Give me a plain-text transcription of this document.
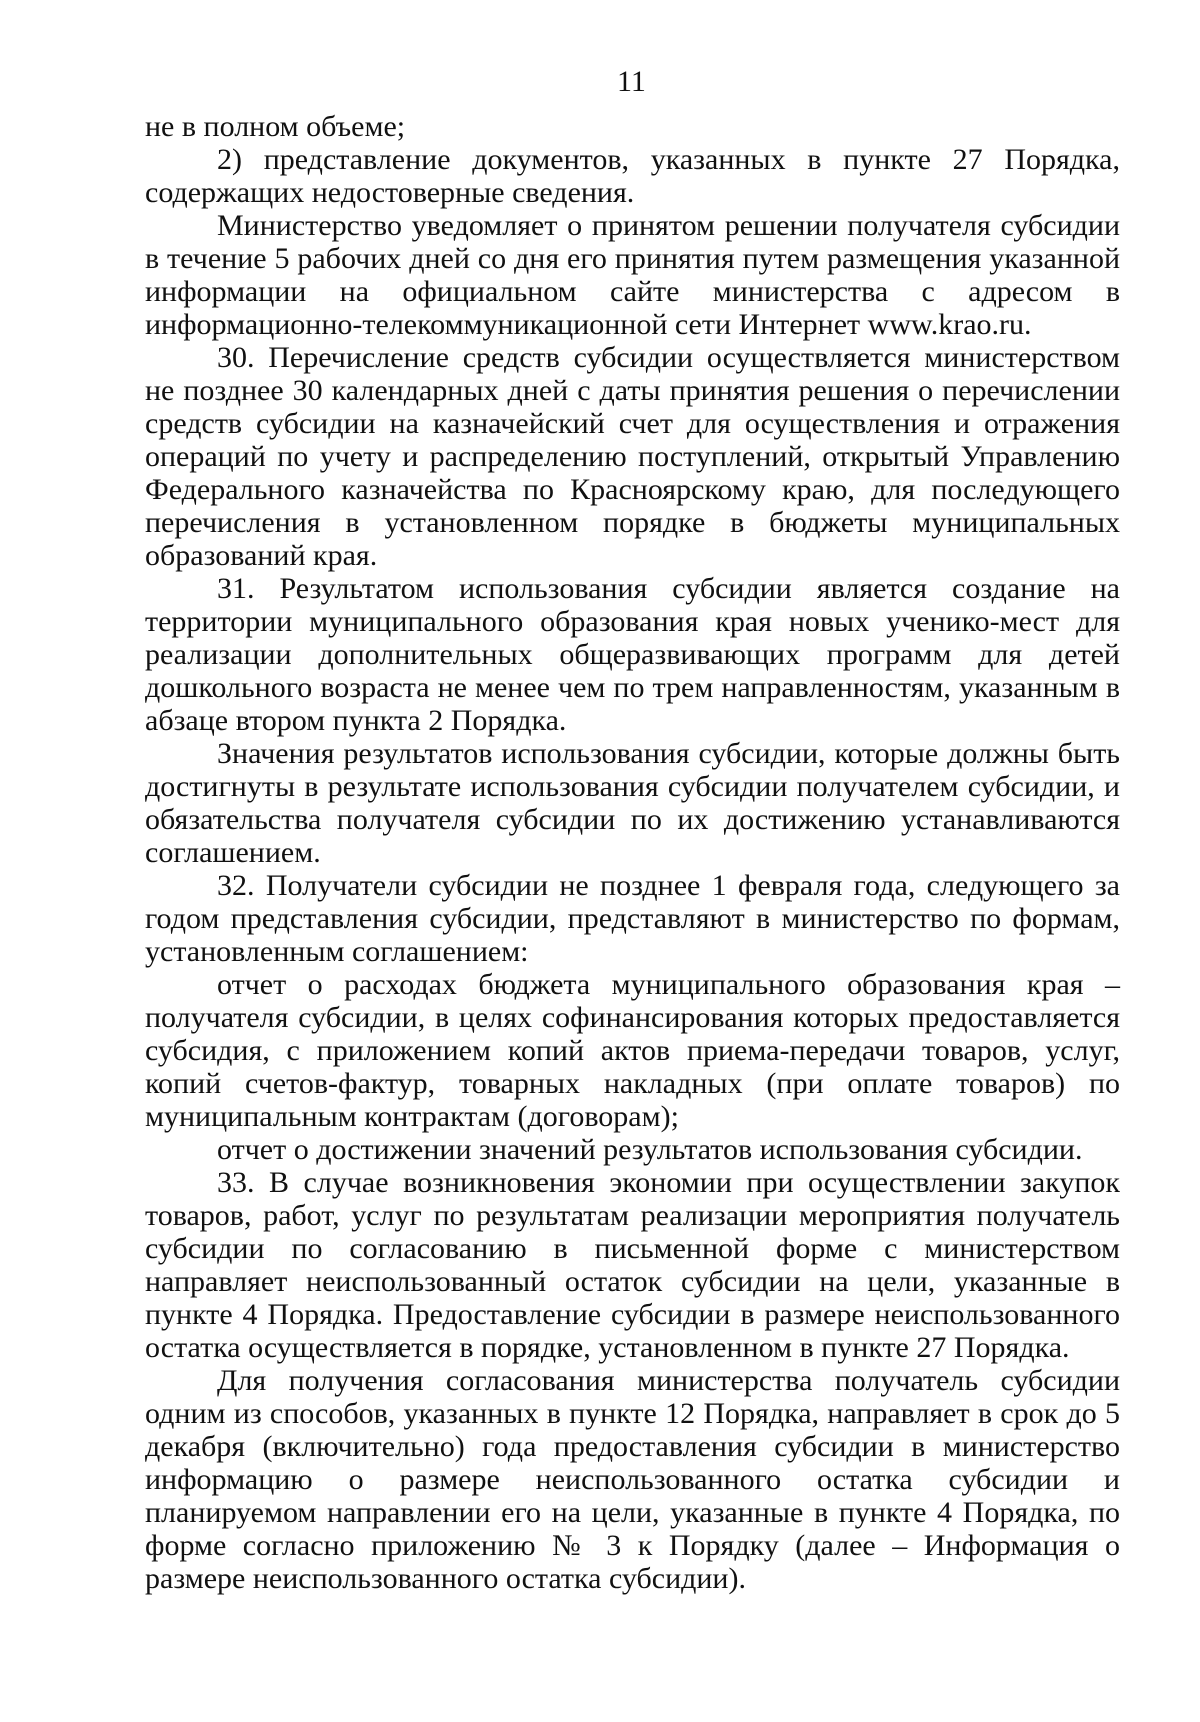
11

не в полном объеме;

2) представление документов, указанных в пункте 27 Порядка, содержащих недостоверные сведения.

Министерство уведомляет о принятом решении получателя субсидии в течение 5 рабочих дней со дня его принятия путем размещения указанной информации на официальном сайте министерства с адресом в информационно-телекоммуникационной сети Интернет www.krao.ru.

30. Перечисление средств субсидии осуществляется министерством не позднее 30 календарных дней с даты принятия решения о перечислении средств субсидии на казначейский счет для осуществления и отражения операций по учету и распределению поступлений, открытый Управлению Федерального казначейства по Красноярскому краю, для последующего перечисления в установленном порядке в бюджеты муниципальных образований края.

31. Результатом использования субсидии является создание на территории муниципального образования края новых ученико-мест для реализации дополнительных общеразвивающих программ для детей дошкольного возраста не менее чем по трем направленностям, указанным в абзаце втором пункта 2 Порядка.

Значения результатов использования субсидии, которые должны быть достигнуты в результате использования субсидии получателем субсидии, и обязательства получателя субсидии по их достижению устанавливаются соглашением.

32. Получатели субсидии не позднее 1 февраля года, следующего за годом представления субсидии, представляют в министерство по формам, установленным соглашением:

отчет о расходах бюджета муниципального образования края – получателя субсидии, в целях софинансирования которых предоставляется субсидия, с приложением копий актов приема-передачи товаров, услуг, копий счетов-фактур, товарных накладных (при оплате товаров) по муниципальным контрактам (договорам);

отчет о достижении значений результатов использования субсидии.

33. В случае возникновения экономии при осуществлении закупок товаров, работ, услуг по результатам реализации мероприятия получатель субсидии по согласованию в письменной форме с министерством направляет неиспользованный остаток субсидии на цели, указанные в пункте 4 Порядка. Предоставление субсидии в размере неиспользованного остатка осуществляется в порядке, установленном в пункте 27 Порядка.

Для получения согласования министерства получатель субсидии одним из способов, указанных в пункте 12 Порядка, направляет в срок до 5 декабря (включительно) года предоставления субсидии в министерство информацию о размере неиспользованного остатка субсидии и планируемом направлении его на цели, указанные в пункте 4 Порядка, по форме согласно приложению № 3 к Порядку (далее – Информация о размере неиспользованного остатка субсидии).
